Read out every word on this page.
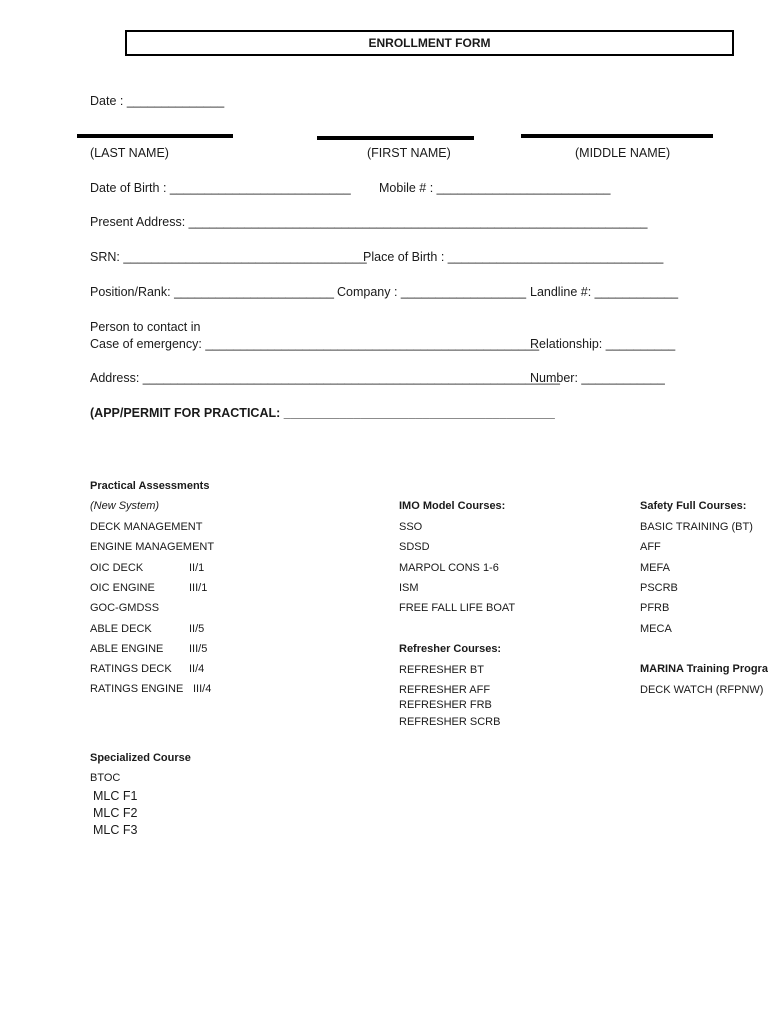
ENROLLMENT FORM
Date : ______________
(LAST NAME)	(FIRST NAME)	(MIDDLE NAME)
Date of Birth : __________________________ Mobile # : _________________________
Present Address: __________________________________________________________________
SRN: ___________________________________
Place of Birth : _______________________________
Position/Rank: _______________________ Company : __________________ Landline #: ____________
Person to contact in
Case of emergency: ________________________________________________
Relationship: __________
Address: ____________________________________________________________
Number: ____________
(APP/PERMIT FOR PRACTICAL: _______________________________________
Practical Assessments
(New System)
DECK MANAGEMENT
ENGINE MANAGEMENT
OIC DECK	II/1
OIC ENGINE	III/1
GOC-GMDSS
ABLE DECK	II/5
ABLE ENGINE III/5
RATINGS DECK II/4
RATINGS ENGINE III/4
IMO Model Courses:
SSO
SDSD
MARPOL CONS 1-6
ISM
FREE FALL LIFE BOAT
Refresher Courses:
REFRESHER BT
REFRESHER AFF
REFRESHER FRB
REFRESHER SCRB
Safety Full Courses:
BASIC TRAINING (BT)
AFF
MEFA
PSCRB
PFRB
MECA
MARINA Training Progra
DECK WATCH (RFPNW)
Specialized Course
BTOC
MLC F1
MLC F2
MLC F3
